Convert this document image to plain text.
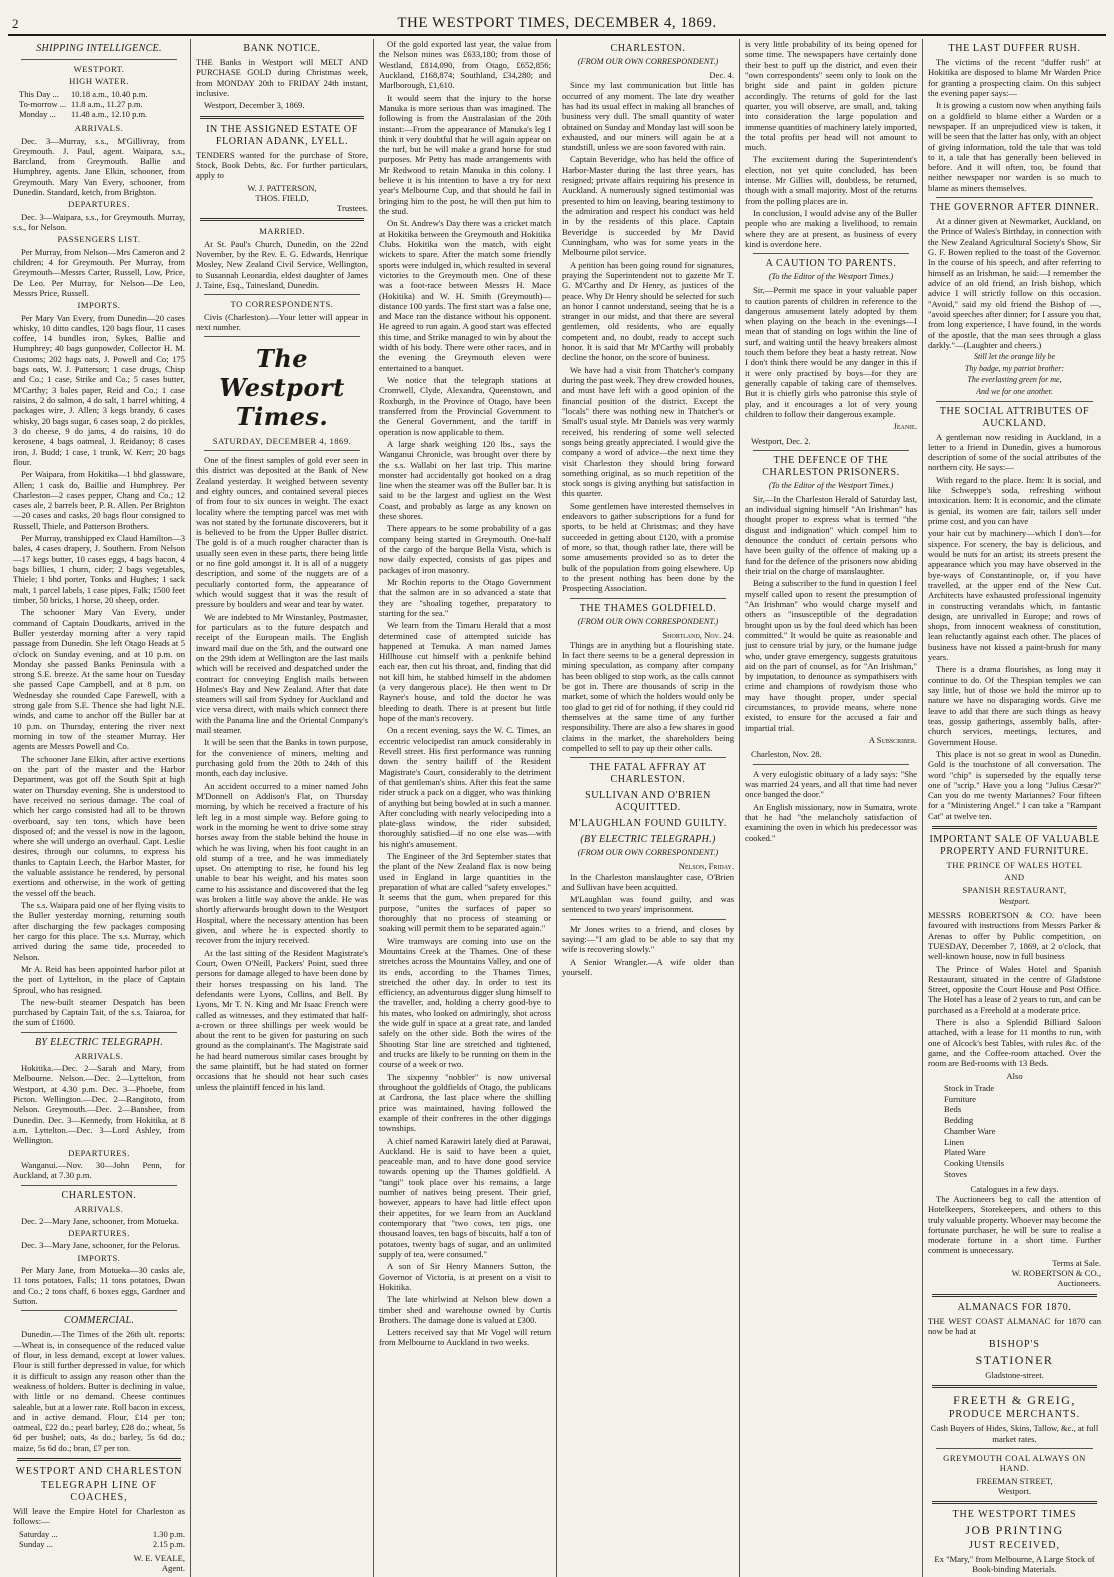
2	THE WESTPORT TIMES, DECEMBER 4, 1869.
SHIPPING INTELLIGENCE.
WESTPORT.
HIGH WATER.
This Day ...	10.18 a.m., 10.40 p.m.
To-morrow ... 11.8 a.m., 11.27 p.m.
Monday ...	11.48 a.m., 12.10 p.m.
ARRIVALS.

Dec. 3—Murray, s.s., M'Gillivray, from Greymouth. J. Paul, agent. Waipara, s.s., Barcland, from Greymouth. Ballie and Humphrey, agents. Jane Elkin, schooner, from Greymouth. Mary Van Every, schooner, from Dunedin. Standard, ketch, from Brighton.

DEPARTURES.

Dec. 3—Waipara, s.s., for Greymouth. Murray, s.s., for Nelson.

PASSENGERS LIST.

Per Murray, from Nelson—Mrs Cameron and 2 children; 4 for Greymouth. Per Murray, from Greymouth—Messrs Carter, Russell, Low, Price, De Leo. Per Murray, for Nelson—De Leo, Messrs Price, Russell.

IMPORTS.

Per Mary Van Every, from Dunedin—20 cases whisky, 10 ditto candles, 120 bags flour, 11 cases coffee, 14 bundles iron, Sykes, Ballie and Humphrey; 40 bags gunpowder, Collector H. M. Customs; 202 bags oats, J. Powell and Co; 175 bags oats, W. J. Patterson; 1 case drugs, Chisp and Co.; 1 case, Strike and Co.; 5 cases butter, M'Carthy; 3 bales paper, Reid and Co.; 1 case raisins, 2 do salmon, 4 do salt, 1 barrel whiting, 4 packages wire, J. Allen; 3 kegs brandy, 6 cases whisky, 20 bags sugar, 6 cases soap, 2 do pickles, 3 do cheese, 9 do jams, 4 do raisins, 10 do kerosene, 4 bags oatmeal, J. Reidanoy; 8 cases iron, J. Budd; 1 case, 1 trunk, W. Kerr; 20 bags flour.

Per Waipara, from Hokitika—1 bhd glassware, Allen; 1 cask do, Baillie and Humphrey. Per Charleston—2 cases pepper, Chang and Co.; 12 cases ale, 2 barrels beer, P. R. Allen. Per Brighton—20 cases and casks, 20 bags flour consigned to Russell, Thiele, and Patterson Brothers.

Per Murray, transhipped ex Claud Hamilton—3 bales, 4 cases drapery, J. Southern. From Nelson—17 kegs butter, 10 cases eggs, 4 bags bacon, 4 bags billies, 1 churn, cider; 2 bags vegetables, Thiele; 1 bhd porter, Tonks and Hughes; 1 sack malt, 1 parcel labels, 1 case pipes, Falk; 1500 feet timber, 50 bricks, 1 horse, 20 sheep, order.

The schooner Mary Van Every, under command of Captain Doudkarts, arrived in the Buller yesterday morning after a very rapid passage from Dunedin. She left Otago Heads at 5 o'clock on Sunday evening, and at 10 p.m. on Monday she passed Banks Peninsula with a strong S.E. breeze. At the same hour on Tuesday she passed Cape Campbell, and at 8 p.m. on Wednesday she rounded Cape Farewell, with a strong gale from S.E. Thence she had light N.E. winds, and came to anchor off the Buller bar at 10 p.m. on Thursday, entering the river next morning in tow of the steamer Murray. Her agents are Messrs Powell and Co.

The schooner Jane Elkin, after active exertions on the part of the master and the Harbor Department, was got off the South Spit at high water on Thursday evening. She is understood to have received no serious damage. The coal of which her cargo consisted had all to be thrown overboard, say ten tons, which have been disposed of; and the vessel is now in the lagoon, where she will undergo an overhaul. Capt. Leslie desires, through our columns, to express his thanks to Captain Leech, the Harbor Master, for the valuable assistance he rendered, by personal exertions and otherwise, in the work of getting the vessel off the beach.

The s.s. Waipara paid one of her flying visits to the Buller yesterday morning, returning south after discharging the few packages composing her cargo for this place. The s.s. Murray, which arrived during the same tide, proceeded to Nelson.

Mr A. Reid has been appointed harbor pilot at the port of Lyttelton, in the place of Captain Sproul, who has resigned.

The new-built steamer Despatch has been purchased by Captain Tait, of the s.s. Taiaroa, for the sum of £1600.

BY ELECTRIC TELEGRAPH.
ARRIVALS.

Hokitika.—Dec. 2—Sarah and Mary, from Melbourne. Nelson.—Dec. 2—Lyttelton, from Westport, at 4.30 p.m. Dec. 3—Phoebe, from Picton. Wellington.—Dec. 2—Rangitoto, from Nelson. Greymouth.—Dec. 2—Banshee, from Dunedin. Dec. 3—Kennedy, from Hokitika, at 8 a.m. Lyttelton.—Dec. 3—Lord Ashley, from Wellington.

DEPARTURES.

Wanganui.—Nov. 30—John Penn, for Auckland, at 7.30 p.m.

CHARLESTON.
ARRIVALS.

Dec. 2—Mary Jane, schooner, from Motueka.

DEPARTURES.

Dec. 3—Mary Jane, schooner, for the Pelorus.

IMPORTS.

Per Mary Jane, from Motueka—30 casks ale, 11 tons potatoes, Falls; 11 tons potatoes, Dwan and Co.; 2 tons chaff, 6 boxes eggs, Gardner and Sutton.

COMMERCIAL.

Dunedin.—The Times of the 26th ult. reports:—Wheat is, in consequence of the reduced value of flour, in less demand, except at lower values. Flour is still further depressed in value, for which it is difficult to assign any reason other than the weakness of holders. Butter is declining in value, with little or no demand. Cheese continues saleable, but at a lower rate. Roll bacon in excess, and in active demand. Flour, £14 per ton; oatmeal, £22 do.; pearl barley, £28 do.; wheat, 5s 6d per bushel; oats, 4s do.; barley, 5s 6d do.; maize, 5s 6d do.; bran, £7 per ton.

WESTPORT AND CHARLESTON
TELEGRAPH LINE OF COACHES,

Will leave the Empire Hotel for Charleston as follows:—

Saturday ...	1.30 p.m.
Sunday ...	2.15 p.m.
W. E. VEALE,
Agent.
BANK NOTICE.

THE Banks in Westport will MELT AND PURCHASE GOLD during Christmas week, from MONDAY 20th to FRIDAY 24th instant, inclusive.

Westport, December 3, 1869.

IN THE ASSIGNED ESTATE OF FLORIAN ADANK, LYELL.

TENDERS wanted for the purchase of Store, Stock, Book Debts, &c. For further particulars, apply to

W. J. PATTERSON,
THOS. FIELD,
Trustees.
MARRIED.

At St. Paul's Church, Dunedin, on the 22nd November, by the Rev. E. G. Edwards, Henrique Mosley, New Zealand Civil Service, Wellington, to Susannah Leonardia, eldest daughter of James J. Taine, Esq., Tainesland, Dunedin.

TO CORRESPONDENTS.

Civis (Charleston).—Your letter will appear in next number.

The Westport Times.
SATURDAY, DECEMBER 4, 1869.

One of the finest samples of gold ever seen in this district was deposited at the Bank of New Zealand yesterday. It weighed between seventy and eighty ounces, and contained several pieces of from four to six ounces in weight. The exact locality where the tempting parcel was met with was not stated by the fortunate discoverers, but it is believed to be from the Upper Buller district. The gold is of a much rougher character than is usually seen even in these parts, there being little or no fine gold amongst it. It is all of a nuggety description, and some of the nuggets are of a peculiarly contorted form, the appearance of which would suggest that it was the result of pressure by boulders and wear and tear by water.

We are indebted to Mr Winstanley, Postmaster, for particulars as to the future despatch and receipt of the European mails. The English inward mail due on the 5th, and the outward one on the 29th idem at Wellington are the last mails which will be received and despatched under the contract for conveying English mails between Holmes's Bay and New Zealand. After that date steamers will sail from Sydney for Auckland and vice versa direct, with mails which connect there with the Panama line and the Oriental Company's mail steamer.

It will be seen that the Banks in town purpose, for the convenience of miners, melting and purchasing gold from the 20th to 24th of this month, each day inclusive.

An accident occurred to a miner named John M'Donnell on Addison's Flat, on Thursday morning, by which he received a fracture of his left leg in a most simple way. Before going to work in the morning he went to drive some stray horses away from the stable behind the house in which he was living, when his foot caught in an old stump of a tree, and he was immediately upset. On attempting to rise, he found his leg unable to bear his weight, and his mates soon came to his assistance and discovered that the leg was broken a little way above the ankle. He was shortly afterwards brought down to the Westport Hospital, where the necessary attention has been given, and where he is expected shortly to recover from the injury received.

At the last sitting of the Resident Magistrate's Court, Owen O'Neill, Packers' Point, sued three persons for damage alleged to have been done by their horses trespassing on his land. The defendants were Lyons, Collins, and Bell. By Lyons, Mr T. N. King and Mr Isaac French were called as witnesses, and they estimated that half-a-crown or three shillings per week would be about the rent to be given for pasturing on such ground as the complainant's. The Magistrate said he had heard numerous similar cases brought by the same plaintiff, but he had stated on former occasions that he should not hear such cases unless the plaintiff fenced in his land.

Of the gold exported last year, the value from the Nelson mines was £633,180; from those of Westland, £814,090, from Otago, £652,856; Auckland, £168,874; Southland, £34,280; and Marlborough, £1,610.

It would seem that the injury to the horse Manuka is more serious than was imagined. The following is from the Australasian of the 20th instant:—From the appearance of Manuka's leg I think it very doubtful that he will again appear on the turf, but he will make a grand horse for stud purposes. Mr Petty has made arrangements with Mr Redwood to retain Manuka in this colony. I believe it is his intention to have a try for next year's Melbourne Cup, and that should he fail in bringing him to the post, he will then put him to the stud.

On St. Andrew's Day there was a cricket match at Hokitika between the Greymouth and Hokitika Clubs. Hokitika won the match, with eight wickets to spare. After the match some friendly sports were indulged in, which resulted in several victories to the Greymouth men. One of these was a foot-race between Messrs H. Mace (Hokitika) and W. H. Smith (Greymouth)—distance 100 yards. The first start was a false one, and Mace ran the distance without his opponent. He agreed to run again. A good start was effected this time, and Strike managed to win by about the width of his body. There were other races, and in the evening the Greymouth eleven were entertained to a banquet.

We notice that the telegraph stations at Cromwell, Clyde, Alexandra, Queenstown, and Roxburgh, in the Province of Otago, have been transferred from the Provincial Government to the General Government, and the tariff in operation is now applicable to them.

A large shark weighing 120 lbs., says the Wanganui Chronicle, was brought over there by the s.s. Wallabi on her last trip. This marine monster had accidentally got hooked on a drag line when the steamer was off the Buller bar. It is said to be the largest and ugliest on the West Coast, and probably as large as any known on these shores.

There appears to be some probability of a gas company being started in Greymouth. One-half of the cargo of the barque Bella Vista, which is now daily expected, consists of gas pipes and packages of iron masonry.

Mr Rochin reports to the Otago Government that the salmon are in so advanced a state that they are "shoaling together, preparatory to starting for the sea."

We learn from the Timaru Herald that a most determined case of attempted suicide has happened at Temuka. A man named James Hillhouse cut himself with a penknife behind each ear, then cut his throat, and, finding that did not kill him, he stabbed himself in the abdomen (a very dangerous place). He then went to Dr Rayner's house, and told the doctor he was bleeding to death. There is at present but little hope of the man's recovery.

On a recent evening, says the W. C. Times, an eccentric velocipedist ran amuck considerably in Revell street. His first performance was running down the sentry bailiff of the Resident Magistrate's Court, considerably to the detriment of that gentleman's shins. After this feat the same rider struck a pack on a digger, who was thinking of anything but being bowled at in such a manner. After concluding with nearly velocipeding into a plate-glass window, the rider subsided, thoroughly satisfied—if no one else was—with his night's amusement.

The Engineer of the 3rd September states that the plant of the New Zealand flax is now being used in England in large quantities in the preparation of what are called "safety envelopes." It seems that the gum, when prepared for this purpose, "unites the surfaces of paper so thoroughly that no process of steaming or soaking will permit them to be separated again."

Wire tramways are coming into use on the Mountains Creek at the Thames. One of these stretches across the Mountains Valley, and one of its ends, according to the Thames Times, stretched the other day. In order to test its efficiency, an adventurous digger slung himself to the traveller, and, holding a cherry good-bye to his mates, who looked on admiringly, shot across the wide gulf in space at a great rate, and landed safely on the other side. Both the wires of the Shooting Star line are stretched and tightened, and trucks are likely to be running on them in the course of a week or two.

The sixpenny "nobbler" is now universal throughout the goldfields of Otago, the publicans at Cardrona, the last place where the shilling price was maintained, having followed the example of their confreres in the other diggings townships.

A chief named Karawiri lately died at Parawai, Auckland. He is said to have been a quiet, peaceable man, and to have done good service towards opening up the Thames goldfield. A "tangi" took place over his remains, a large number of natives being present. Their grief, however, appears to have had little effect upon their appetites, for we learn from an Auckland contemporary that "two cows, ten pigs, one thousand loaves, ten bags of biscuits, half a ton of potatoes, twenty bags of sugar, and an unlimited supply of tea, were consumed."

A son of Sir Henry Manners Sutton, the Governor of Victoria, is at present on a visit to Hokitika.

The late whirlwind at Nelson blew down a timber shed and warehouse owned by Curtis Brothers. The damage done is valued at £300.

Letters received say that Mr Vogel will return from Melbourne to Auckland in two weeks.

CHARLESTON.
(FROM OUR OWN CORRESPONDENT.)
Dec. 4.

Since my last communication but little has occurred of any moment. The late dry weather has had its usual effect in making all branches of business very dull. The small quantity of water obtained on Sunday and Monday last will soon be exhausted, and our miners will again be at a standstill, unless we are soon favored with rain.

Captain Beveridge, who has held the office of Harbor-Master during the last three years, has resigned; private affairs requiring his presence in Auckland. A numerously signed testimonial was presented to him on leaving, bearing testimony to the admiration and respect his conduct was held in by the residents of this place. Captain Beveridge is succeeded by Mr David Cunningham, who was for some years in the Melbourne pilot service.

A petition has been going round for signatures, praying the Superintendent not to gazette Mr T. G. M'Carthy and Dr Henry, as justices of the peace. Why Dr Henry should be selected for such an honor I cannot understand, seeing that he is a stranger in our midst, and that there are several gentlemen, old residents, who are equally competent and, no doubt, ready to accept such honor. It is said that Mr M'Carthy will probably decline the honor, on the score of business.

We have had a visit from Thatcher's company during the past week. They drew crowded houses, and must have left with a good opinion of the financial position of the district. Except the "locals" there was nothing new in Thatcher's or Small's usual style. Mr Daniels was very warmly received, his rendering of some well selected songs being greatly appreciated. I would give the company a word of advice—the next time they visit Charleston they should bring forward something original, as so much repetition of the stock songs is giving anything but satisfaction in this quarter.

Some gentlemen have interested themselves in endeavors to gather subscriptions for a fund for sports, to be held at Christmas; and they have succeeded in getting about £120, with a promise of more, so that, though rather late, there will be some amusements provided so as to deter the bulk of the population from going elsewhere. Up to the present nothing has been done by the Prospecting Association.

THE THAMES GOLDFIELD.
(FROM OUR OWN CORRESPONDENT.)
Shortland, Nov. 24.

Things are in anything but a flourishing state. In fact there seems to be a general depression in mining speculation, as company after company has been obliged to stop work, as the calls cannot be got in. There are thousands of scrip in the market, some of which the holders would only be too glad to get rid of for nothing, if they could rid themselves at the same time of any further responsibility. There are also a few shares in good claims in the market, the shareholders being compelled to sell to pay up their other calls.

THE FATAL AFFRAY AT CHARLESTON.
SULLIVAN AND O'BRIEN ACQUITTED.
M'LAUGHLAN FOUND GUILTY.
(BY ELECTRIC TELEGRAPH.)
(FROM OUR OWN CORRESPONDENT.)
Nelson, Friday.

In the Charleston manslaughter case, O'Brien and Sullivan have been acquitted.

M'Laughlan was found guilty, and was sentenced to two years' imprisonment.

Mr Jones writes to a friend, and closes by saying:—"I am glad to be able to say that my wife is recovering slowly."

A Senior Wrangler.—A wife older than yourself.

is very little probability of its being opened for some time. The newspapers have certainly done their best to puff up the district, and even their "own correspondents" seem only to look on the bright side and paint in golden picture accordingly. The returns of gold for the last quarter, you will observe, are small, and, taking into consideration the large population and immense quantities of machinery lately imported, the total profits per head will not amount to much.

The excitement during the Superintendent's election, not yet quite concluded, has been intense. Mr Gillies will, doubtless, be returned, though with a small majority. Most of the returns from the polling places are in.

In conclusion, I would advise any of the Buller people who are making a livelihood, to remain where they are at present, as business of every kind is overdone here.

A CAUTION TO PARENTS.
(To the Editor of the Westport Times.)

Sir,—Permit me space in your valuable paper to caution parents of children in reference to the dangerous amusement lately adopted by them when playing on the beach in the evenings—I mean that of standing on logs within the line of surf, and waiting until the heavy breakers almost touch them before they beat a hasty retreat. Now I don't think there would be any danger in this if it were only practised by boys—for they are generally capable of taking care of themselves. But it is chiefly girls who patronise this style of play, and it encourages a lot of very young children to follow their dangerous example.

Jeanie.
Westport, Dec. 2.
THE DEFENCE OF THE CHARLESTON PRISONERS.
(To the Editor of the Westport Times.)

Sir,—In the Charleston Herald of Saturday last, an individual signing himself "An Irishman" has thought proper to express what is termed "the disgust and indignation" which compel him to denounce the conduct of certain persons who have been guilty of the offence of making up a fund for the defence of the prisoners now abiding their trial on the charge of manslaughter.

Being a subscriber to the fund in question I feel myself called upon to resent the presumption of "An Irishman" who would charge myself and others as "insusceptible of the degradation brought upon us by the foul deed which has been committed." It would be quite as reasonable and just to censure trial by jury, or the humane judge who, under grave emergency, suggests gratuitous aid on the part of counsel, as for "An Irishman," by imputation, to denounce as sympathisers with crime and champions of rowdyism those who may have thought proper, under special circumstances, to provide means, where none existed, to ensure for the accused a fair and impartial trial.

A Subscriber.
Charleston, Nov. 28.

A very eulogistic obituary of a lady says: "She was married 24 years, and all that time had never once banged the door."

An English missionary, now in Sumatra, wrote that he had "the melancholy satisfaction of examining the oven in which his predecessor was cooked."

THE LAST DUFFER RUSH.

The victims of the recent "duffer rush" at Hokitika are disposed to blame Mr Warden Price for granting a prospecting claim. On this subject the evening paper says:—

It is growing a custom now when anything fails on a goldfield to blame either a Warden or a newspaper. If an unprejudiced view is taken, it will be seen that the latter has only, with an object of giving information, told the tale that was told to it, a tale that has generally been believed in before. And it will often, too, be found that neither newspaper nor warden is so much to blame as miners themselves.

THE GOVERNOR AFTER DINNER.

At a dinner given at Newmarket, Auckland, on the Prince of Wales's Birthday, in connection with the New Zealand Agricultural Society's Show, Sir G. F. Bowen replied to the toast of the Governor. In the course of his speech, and after referring to himself as an Irishman, he said:—I remember the advice of an old friend, an Irish bishop, which advice I will strictly follow on this occasion. "Avoid," said my old friend the Bishop of —, "avoid speeches after dinner; for I assure you that, from long experience, I have found, in the words of the apostle, that the man sees through a glass darkly."—(Laughter and cheers.)

Still let the orange lily be
Thy badge, my patriot brother:
The everlasting green for me,
And we for one another.
THE SOCIAL ATTRIBUTES OF AUCKLAND.

A gentleman now residing in Auckland, in a letter to a friend in Dunedin, gives a humorous description of some of the social attributes of the northern city. He says:—

With regard to the place. Item: It is social, and like Schweppe's soda, refreshing without intoxication. Item: It is economic, and the climate is genial, its women are fair, tailors sell under prime cost, and you can have

your hair cut by machinery—which I don't—for sixpence. For scenery, the bay is delicious, and would be nuts for an artist; its streets present the appearance which you may have observed in the bye-ways of Constantinople, or, if you have travelled, at the upper end of the New Cut. Architects have exhausted professional ingenuity in constructing verandahs which, in fantastic design, are unrivalled in Europe; and rows of shops, from innocent weakness of constitution, lean reluctantly against each other. The places of business have not kissed a paint-brush for many years.

There is a drama flourishes, as long may it continue to do. Of the Thespian temples we can say little, but of those we hold the mirror up to nature we have no disparaging words. Give me leave to add that there are such things as heavy teas, gossip gatherings, assembly balls, after-church services, meetings, lectures, and Government House.

This place is not so great in wool as Dunedin. Gold is the touchstone of all conversation. The word "chip" is superseded by the equally terse one of "scrip." Have you a long "Julius Cæsar?" Can you do me twenty Mariannes? Four fifteen for a "Ministering Angel." I can take a "Rampant Cat" at twelve ten.

IMPORTANT SALE OF VALUABLE PROPERTY AND FURNITURE.
THE PRINCE OF WALES HOTEL
AND
SPANISH RESTAURANT,
Westport.

MESSRS ROBERTSON & CO. have been favoured with instructions from Messrs Parker & Arenas to offer by Public competition, on TUESDAY, December 7, 1869, at 2 o'clock, that well-known house, now in full business

The Prince of Wales Hotel and Spanish Restaurant, situated in the centre of Gladstone Street, opposite the Court House and Post Office. The Hotel has a lease of 2 years to run, and can be purchased as a Freehold at a moderate price.

There is also a Splendid Billiard Saloon attached, with a lease for 11 months to run, with one of Alcock's best Tables, with rules &c. of the game, and the Coffee-room attached. Over the room are Bed-rooms with 13 Beds.

Also
Stock in Trade
Furniture
Beds
Bedding
Chamber Ware
Linen
Plated Ware
Cooking Utensils
Stoves
Catalogues in a few days.

The Auctioneers beg to call the attention of Hotelkeepers, Storekeepers, and others to this truly valuable property. Whoever may become the fortunate purchaser, he will be sure to realise a moderate fortune in a short time. Further comment is unnecessary.

Terms at Sale.
W. ROBERTSON & CO.,
Auctioneers.
ALMANACS FOR 1870.

THE WEST COAST ALMANAC for 1870 can now be had at

BISHOP'S
STATIONER
Gladstone-street.
FREETH & GREIG,
PRODUCE MERCHANTS.
Cash Buyers of Hides, Skins, Tallow, &c., at full market rates.
GREYMOUTH COAL ALWAYS ON HAND.
FREEMAN STREET,
Westport.
THE WESTPORT TIMES
JOB PRINTING
JUST RECEIVED,
Ex "Mary," from Melbourne, A Large Stock of Book-binding Materials.
